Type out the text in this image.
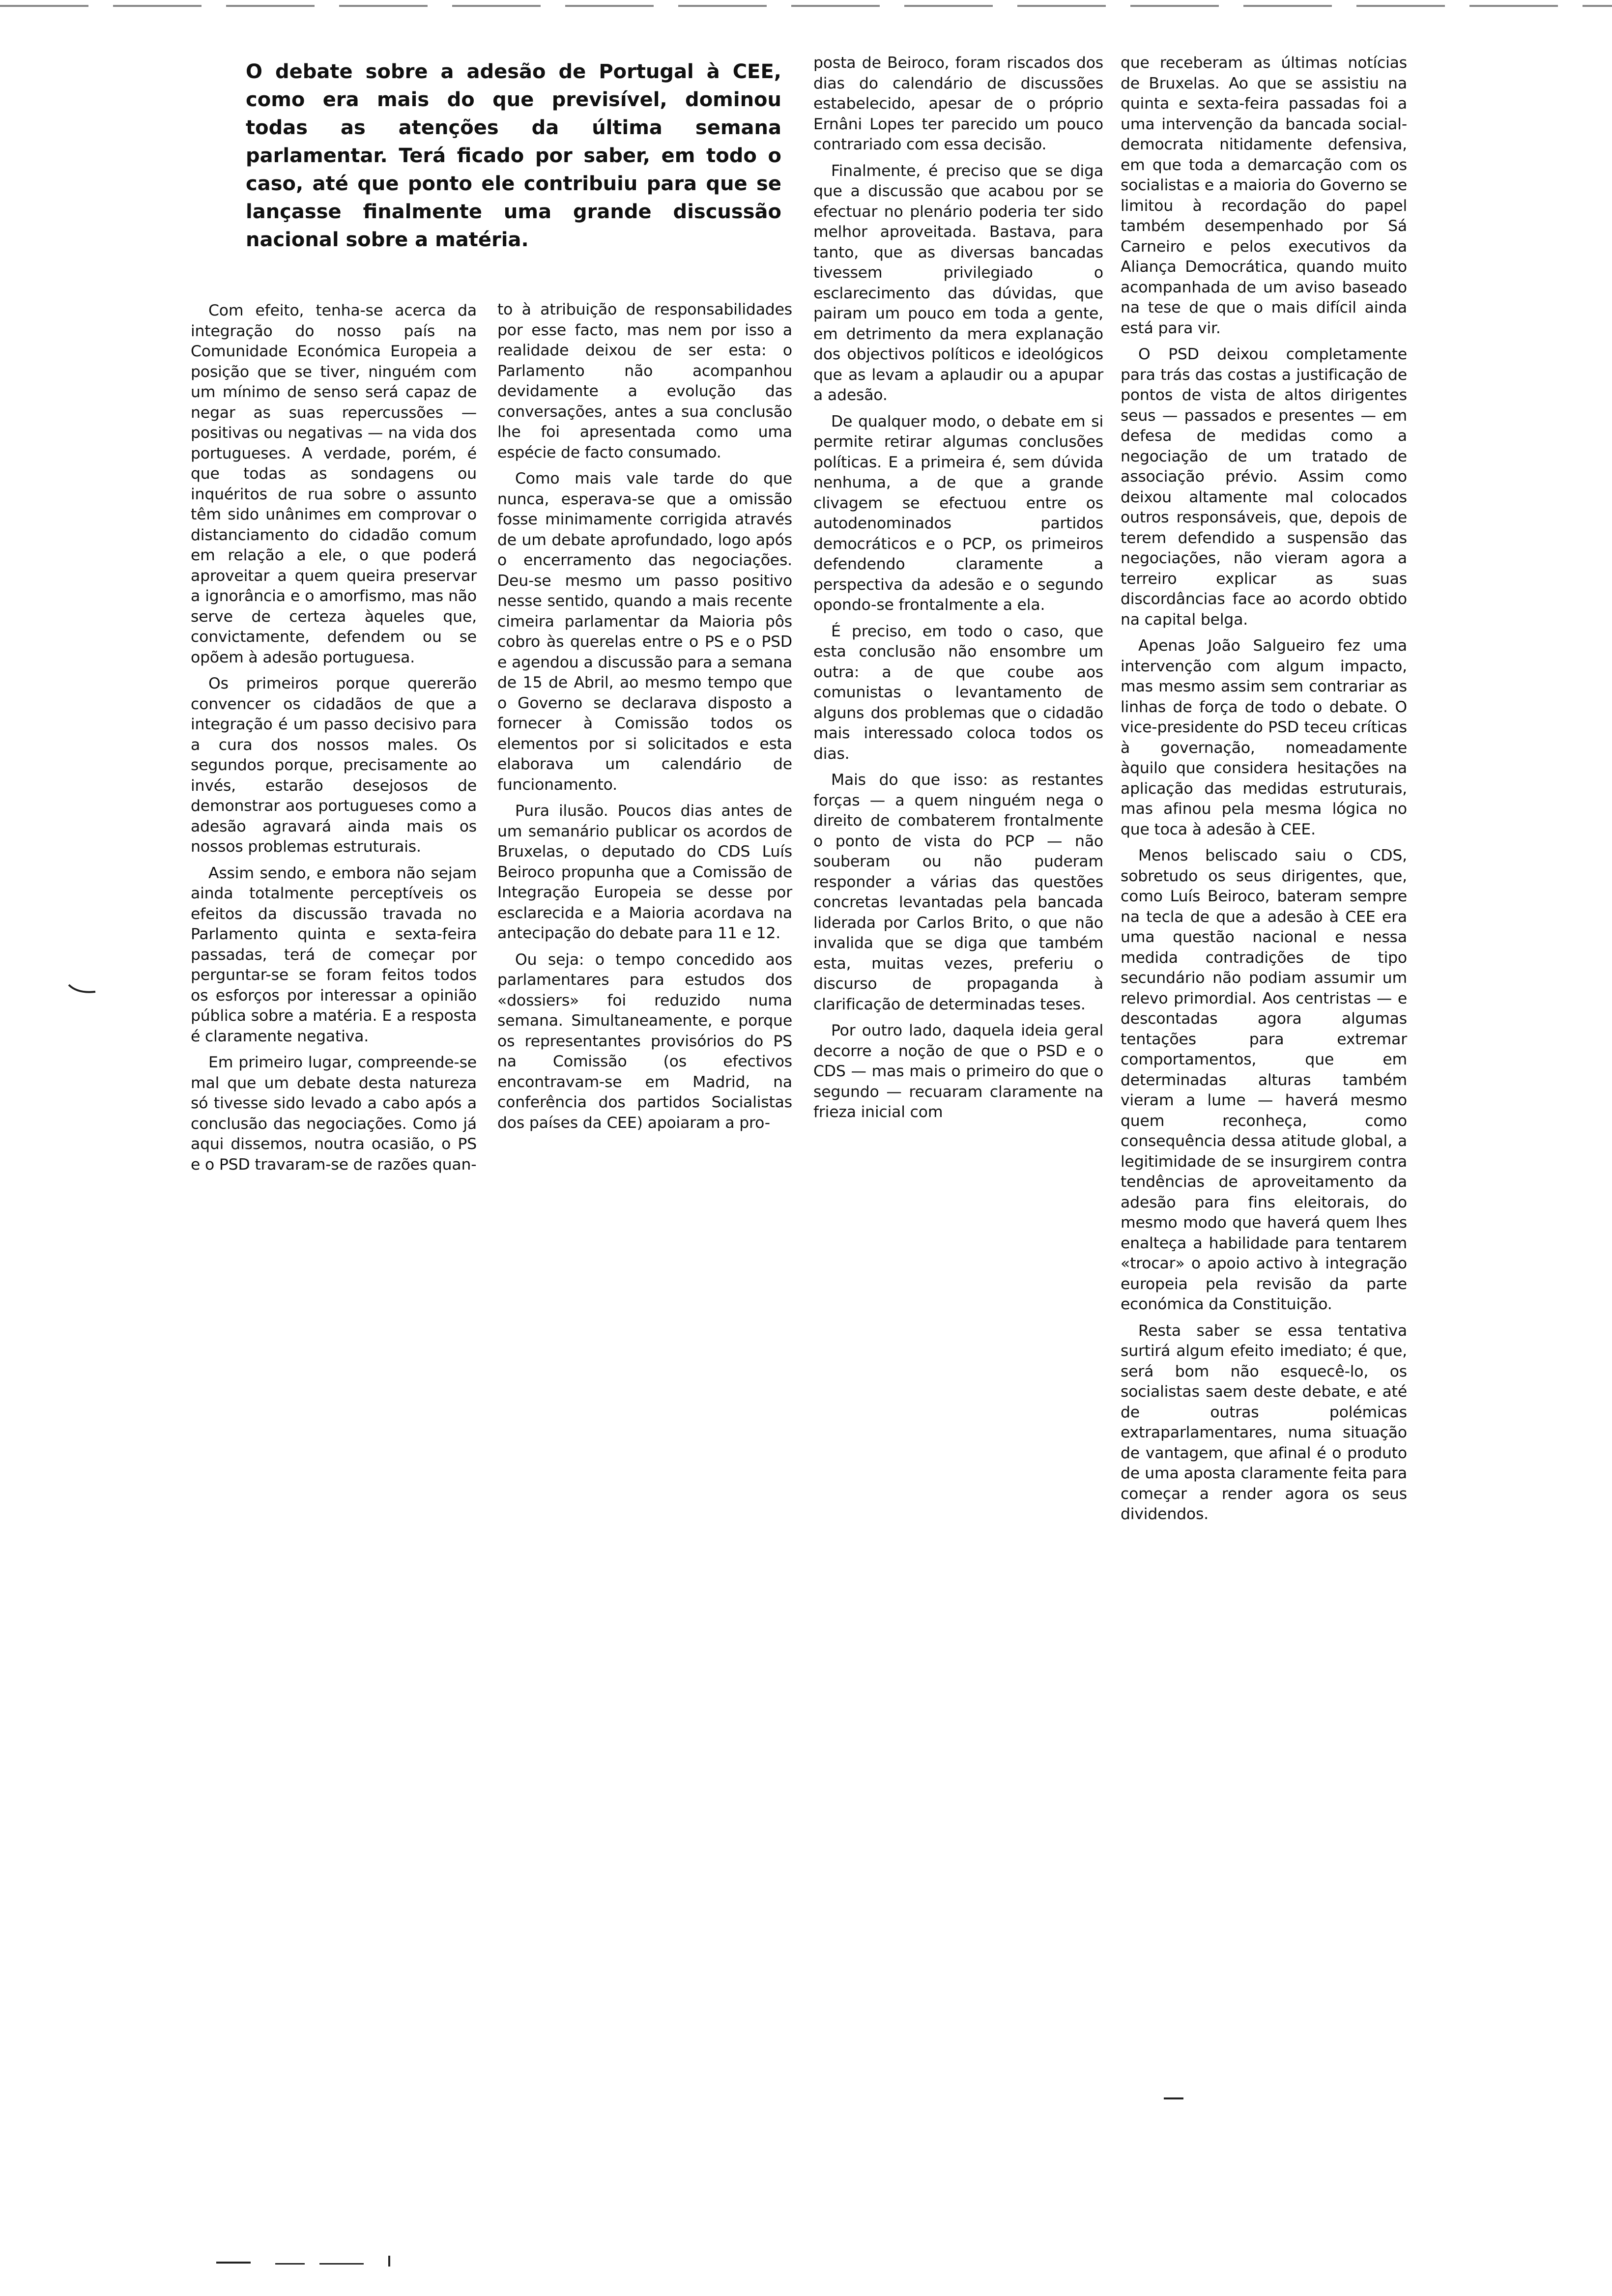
O debate sobre a adesão de Portugal à CEE, como era mais do que previsível, dominou todas as atenções da última semana parlamentar. Terá ficado por saber, em todo o caso, até que ponto ele contribuiu para que se lançasse finalmente uma grande discussão nacional sobre a matéria.

Com efeito, tenha-se acerca da integração do nosso país na Comunidade Económica Europeia a posição que se tiver, ninguém com um mínimo de senso será capaz de negar as suas repercussões — positivas ou negativas — na vida dos portugueses. A verdade, porém, é que todas as sondagens ou inquéritos de rua sobre o assunto têm sido unânimes em comprovar o distanciamento do cidadão comum em relação a ele, o que poderá aproveitar a quem queira preservar a ignorância e o amorfismo, mas não serve de certeza àqueles que, convictamente, defendem ou se opõem à adesão portuguesa.

Os primeiros porque quererão convencer os cidadãos de que a integração é um passo decisivo para a cura dos nossos males. Os segundos porque, precisamente ao invés, estarão desejosos de demonstrar aos portugueses como a adesão agravará ainda mais os nossos problemas estruturais.

Assim sendo, e embora não sejam ainda totalmente perceptíveis os efeitos da discussão travada no Parlamento quinta e sexta-feira passadas, terá de começar por perguntar-se se foram feitos todos os esforços por interessar a opinião pública sobre a matéria. E a resposta é claramente negativa.

Em primeiro lugar, compreende-se mal que um debate desta natureza só tivesse sido levado a cabo após a conclusão das negociações. Como já aqui dissemos, noutra ocasião, o PS e o PSD travaram-se de razões quan-

to à atribuição de responsabilidades por esse facto, mas nem por isso a realidade deixou de ser esta: o Parlamento não acompanhou devidamente a evolução das conversações, antes a sua conclusão lhe foi apresentada como uma espécie de facto consumado.

Como mais vale tarde do que nunca, esperava-se que a omissão fosse minimamente corrigida através de um debate aprofundado, logo após o encerramento das negociações. Deu-se mesmo um passo positivo nesse sentido, quando a mais recente cimeira parlamentar da Maioria pôs cobro às querelas entre o PS e o PSD e agendou a discussão para a semana de 15 de Abril, ao mesmo tempo que o Governo se declarava disposto a fornecer à Comissão todos os elementos por si solicitados e esta elaborava um calendário de funcionamento.

Pura ilusão. Poucos dias antes de um semanário publicar os acordos de Bruxelas, o deputado do CDS Luís Beiroco propunha que a Comissão de Integração Europeia se desse por esclarecida e a Maioria acordava na antecipação do debate para 11 e 12.

Ou seja: o tempo concedido aos parlamentares para estudos dos «dossiers» foi reduzido numa semana. Simultaneamente, e porque os representantes provisórios do PS na Comissão (os efectivos encontravam-se em Madrid, na conferência dos partidos Socialistas dos países da CEE) apoiaram a pro-

posta de Beiroco, foram riscados dos dias do calendário de discussões estabelecido, apesar de o próprio Ernâni Lopes ter parecido um pouco contrariado com essa decisão.

Finalmente, é preciso que se diga que a discussão que acabou por se efectuar no plenário poderia ter sido melhor aproveitada. Bastava, para tanto, que as diversas bancadas tivessem privilegiado o esclarecimento das dúvidas, que pairam um pouco em toda a gente, em detrimento da mera explanação dos objectivos políticos e ideológicos que as levam a aplaudir ou a apupar a adesão.

De qualquer modo, o debate em si permite retirar algumas conclusões políticas. E a primeira é, sem dúvida nenhuma, a de que a grande clivagem se efectuou entre os autodenominados partidos democráticos e o PCP, os primeiros defendendo claramente a perspectiva da adesão e o segundo opondo-se frontalmente a ela.

É preciso, em todo o caso, que esta conclusão não ensombre um outra: a de que coube aos comunistas o levantamento de alguns dos problemas que o cidadão mais interessado coloca todos os dias.

Mais do que isso: as restantes forças — a quem ninguém nega o direito de combaterem frontalmente o ponto de vista do PCP — não souberam ou não puderam responder a várias das questões concretas levantadas pela bancada liderada por Carlos Brito, o que não invalida que se diga que também esta, muitas vezes, preferiu o discurso de propaganda à clarificação de determinadas teses.

Por outro lado, daquela ideia geral decorre a noção de que o PSD e o CDS — mas mais o primeiro do que o segundo — recuaram claramente na frieza inicial com

que receberam as últimas notícias de Bruxelas. Ao que se assistiu na quinta e sexta-feira passadas foi a uma intervenção da bancada social-democrata nitidamente defensiva, em que toda a demarcação com os socialistas e a maioria do Governo se limitou à recordação do papel também desempenhado por Sá Carneiro e pelos executivos da Aliança Democrática, quando muito acompanhada de um aviso baseado na tese de que o mais difícil ainda está para vir.

O PSD deixou completamente para trás das costas a justificação de pontos de vista de altos dirigentes seus — passados e presentes — em defesa de medidas como a negociação de um tratado de associação prévio. Assim como deixou altamente mal colocados outros responsáveis, que, depois de terem defendido a suspensão das negociações, não vieram agora a terreiro explicar as suas discordâncias face ao acordo obtido na capital belga.

Apenas João Salgueiro fez uma intervenção com algum impacto, mas mesmo assim sem contrariar as linhas de força de todo o debate. O vice-presidente do PSD teceu críticas à governação, nomeadamente àquilo que considera hesitações na aplicação das medidas estruturais, mas afinou pela mesma lógica no que toca à adesão à CEE.

Menos beliscado saiu o CDS, sobretudo os seus dirigentes, que, como Luís Beiroco, bateram sempre na tecla de que a adesão à CEE era uma questão nacional e nessa medida contradições de tipo secundário não podiam assumir um relevo primordial. Aos centristas — e descontadas agora algumas tentações para extremar comportamentos, que em determinadas alturas também vieram a lume — haverá mesmo quem reconheça, como consequência dessa atitude global, a legitimidade de se insurgirem contra tendências de aproveitamento da adesão para fins eleitorais, do mesmo modo que haverá quem lhes enalteça a habilidade para tentarem «trocar» o apoio activo à integração europeia pela revisão da parte económica da Constituição.

Resta saber se essa tentativa surtirá algum efeito imediato; é que, será bom não esquecê-lo, os socialistas saem deste debate, e até de outras polémicas extraparlamentares, numa situação de vantagem, que afinal é o produto de uma aposta claramente feita para começar a render agora os seus dividendos.
